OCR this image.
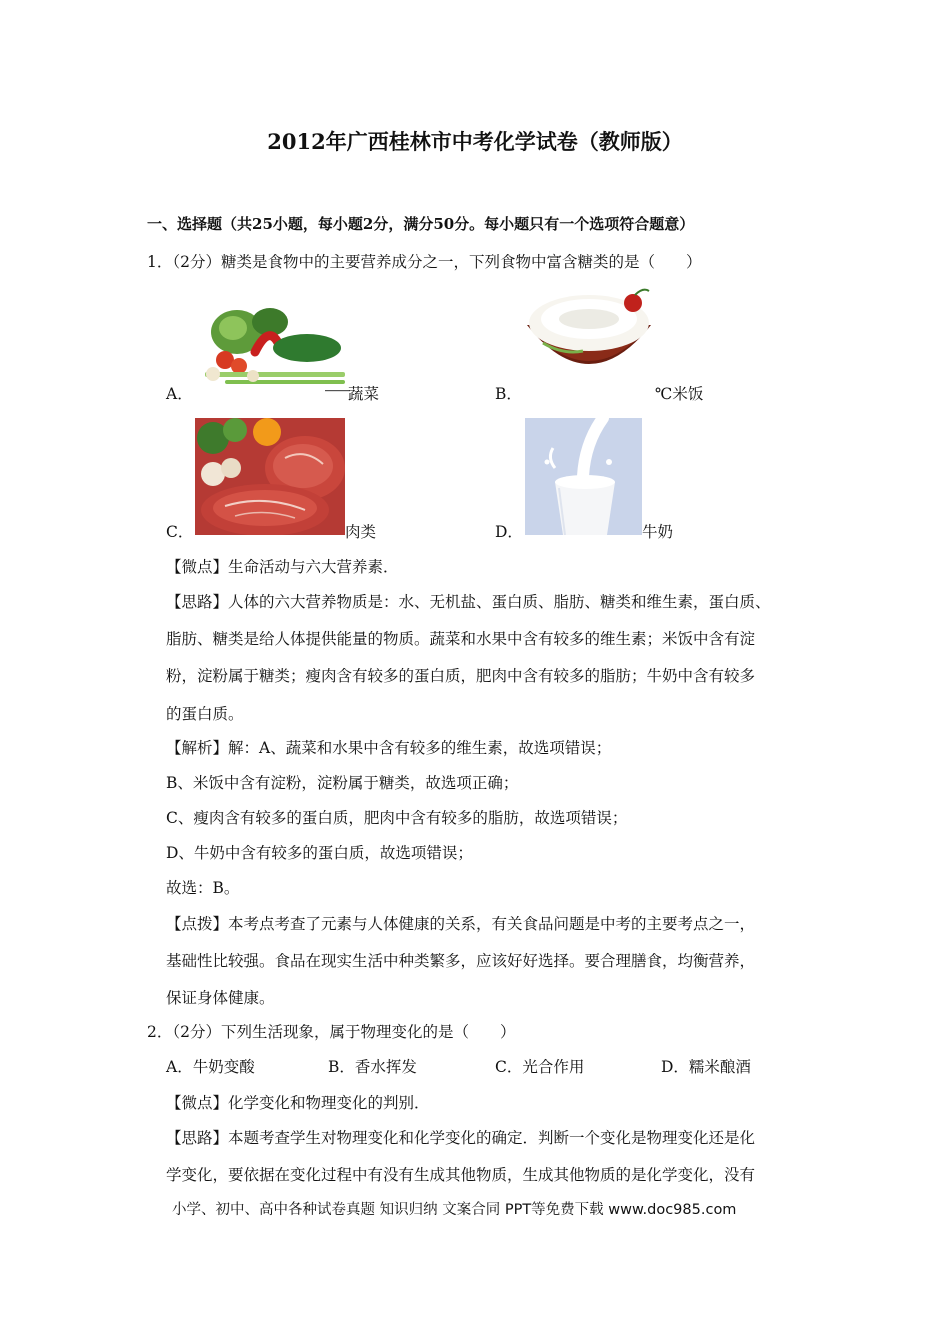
2012年广西桂林市中考化学试卷（教师版）
一、选择题（共25小题，每小题2分，满分50分。每小题只有一个选项符合题意）
1．（2分）糖类是食物中的主要营养成分之一，下列食物中富含糖类的是（　　）
A．	蔬菜	B．	℃米饭
C．	肉类	D．	牛奶
【微点】生命活动与六大营养素．
【思路】人体的六大营养物质是：水、无机盐、蛋白质、脂肪、糖类和维生素，蛋白质、
脂肪、糖类是给人体提供能量的物质。蔬菜和水果中含有较多的维生素；米饭中含有淀
粉，淀粉属于糖类；瘦肉含有较多的蛋白质，肥肉中含有较多的脂肪；牛奶中含有较多
的蛋白质。
【解析】解：A、蔬菜和水果中含有较多的维生素，故选项错误；
B、米饭中含有淀粉，淀粉属于糖类，故选项正确；
C、瘦肉含有较多的蛋白质，肥肉中含有较多的脂肪，故选项错误；
D、牛奶中含有较多的蛋白质，故选项错误；
故选：B。
【点拨】本考点考查了元素与人体健康的关系，有关食品问题是中考的主要考点之一，
基础性比较强。食品在现实生活中种类繁多，应该好好选择。要合理膳食，均衡营养，
保证身体健康。
2．（2分）下列生活现象，属于物理变化的是（　　）
A．牛奶变酸	B．香水挥发	C．光合作用	D．糯米酿酒
【微点】化学变化和物理变化的判别．
【思路】本题考查学生对物理变化和化学变化的确定．判断一个变化是物理变化还是化
学变化，要依据在变化过程中有没有生成其他物质，生成其他物质的是化学变化，没有
小学、初中、高中各种试卷真题 知识归纳 文案合同 PPT等免费下载 www.doc985.com
